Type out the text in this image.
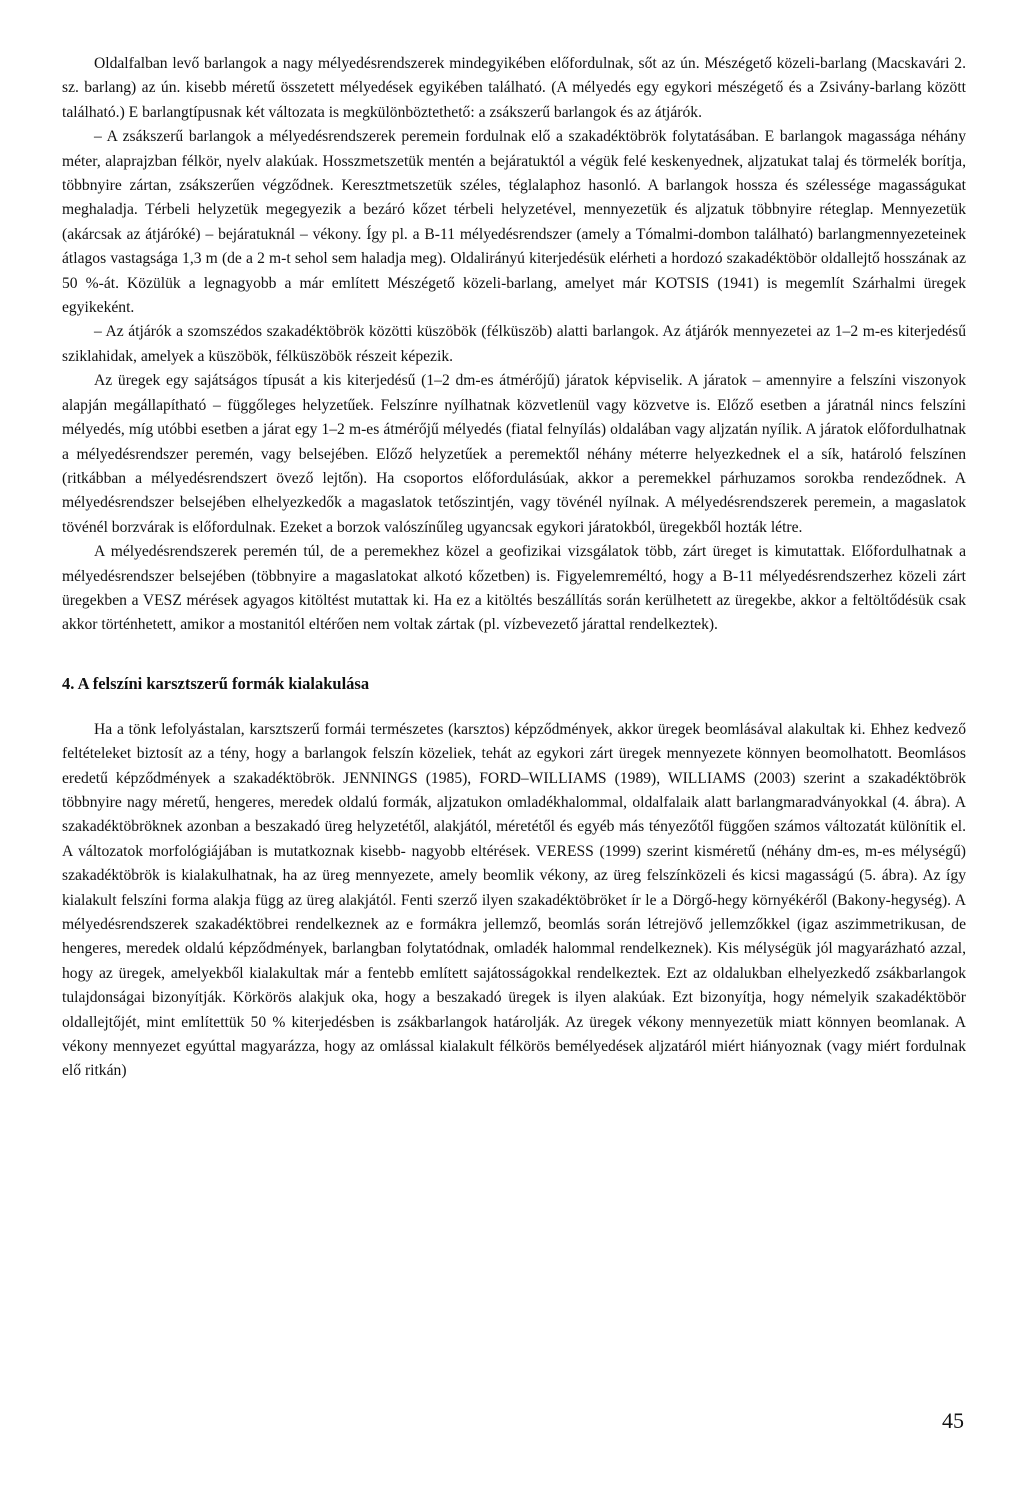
Oldalfalban levő barlangok a nagy mélyedésrendszerek mindegyikében előfordulnak, sőt az ún. Mészégető közeli-barlang (Macskavári 2. sz. barlang) az ún. kisebb méretű összetett mélyedések egyikében található. (A mélyedés egy egykori mészégető és a Zsivány-barlang között található.) E barlangtípusnak két változata is megkülönböztethető: a zsákszerű barlangok és az átjárók.

– A zsákszerű barlangok a mélyedésrendszerek peremein fordulnak elő a szakadéktöbrök folytatásában. E barlangok magassága néhány méter, alaprajzban félkör, nyelv alakúak. Hosszmetszetük mentén a bejáratuktól a végük felé keskenyednek, aljzatukat talaj és törmelék borítja, többnyire zártan, zsákszerűen végződnek. Keresztmetszetük széles, téglalaphoz hasonló. A barlangok hossza és szélessége magasságukat meghaladja. Térbeli helyzetük megegyezik a bezáró kőzet térbeli helyzetével, mennyezetük és aljzatuk többnyire réteglap. Mennyezetük (akárcsak az átjáróké) – bejáratuknál – vékony. Így pl. a B-11 mélyedésrendszer (amely a Tómalmi-dombon található) barlangmennyezeteinek átlagos vastagsága 1,3 m (de a 2 m-t sehol sem haladja meg). Oldalirányú kiterjedésük elérheti a hordozó szakadéktöbör oldallejtő hosszának az 50 %-át. Közülük a legnagyobb a már említett Mészégető közeli-barlang, amelyet már KOTSIS (1941) is megemlít Szárhalmi üregek egyikeként.

– Az átjárók a szomszédos szakadéktöbrök közötti küszöbök (félküszöb) alatti barlangok. Az átjárók mennyezetei az 1–2 m-es kiterjedésű sziklahidak, amelyek a küszöbök, félküszöbök részeit képezik.

Az üregek egy sajátságos típusát a kis kiterjedésű (1–2 dm-es átmérőjű) járatok képviselik. A járatok – amennyire a felszíni viszonyok alapján megállapítható – függőleges helyzetűek. Felszínre nyílhatnak közvetlenül vagy közvetve is. Előző esetben a járatnál nincs felszíni mélyedés, míg utóbbi esetben a járat egy 1–2 m-es átmérőjű mélyedés (fiatal felnyílás) oldalában vagy aljzatán nyílik. A járatok előfordulhatnak a mélyedésrendszer peremén, vagy belsejében. Előző helyzetűek a peremektől néhány méterre helyezkednek el a sík, határoló felszínen (ritkábban a mélyedésrendszert övező lejtőn). Ha csoportos előfordulásúak, akkor a peremekkel párhuzamos sorokba rendeződnek. A mélyedésrendszer belsejében elhelyezkedők a magaslatok tetőszintjén, vagy tövénél nyílnak. A mélyedésrendszerek peremein, a magaslatok tövénél borzvárak is előfordulnak. Ezeket a borzok valószínűleg ugyancsak egykori járatokból, üregekből hozták létre.

A mélyedésrendszerek peremén túl, de a peremekhez közel a geofizikai vizsgálatok több, zárt üreget is kimutattak. Előfordulhatnak a mélyedésrendszer belsejében (többnyire a magaslatokat alkotó kőzetben) is. Figyelemreméltó, hogy a B-11 mélyedésrendszerhez közeli zárt üregekben a VESZ mérések agyagos kitöltést mutattak ki. Ha ez a kitöltés beszállítás során kerülhetett az üregekbe, akkor a feltöltődésük csak akkor történhetett, amikor a mostanitól eltérően nem voltak zártak (pl. vízbevezető járattal rendelkeztek).

4. A felszíni karsztszerű formák kialakulása

Ha a tönk lefolyástalan, karsztszerű formái természetes (karsztos) képződmények, akkor üregek beomlásával alakultak ki. Ehhez kedvező feltételeket biztosít az a tény, hogy a barlangok felszín közeliek, tehát az egykori zárt üregek mennyezete könnyen beomolhatott. Beomlásos eredetű képződmények a szakadéktöbrök. JENNINGS (1985), FORD–WILLIAMS (1989), WILLIAMS (2003) szerint a szakadéktöbrök többnyire nagy méretű, hengeres, meredek oldalú formák, aljzatukon omladékhalommal, oldalfalaik alatt barlangmaradványokkal (4. ábra). A szakadéktöbröknek azonban a beszakadó üreg helyzetétől, alakjától, méretétől és egyéb más tényezőtől függően számos változatát különítik el. A változatok morfológiájában is mutatkoznak kisebb- nagyobb eltérések. VERESS (1999) szerint kisméretű (néhány dm-es, m-es mélységű) szakadéktöbrök is kialakulhatnak, ha az üreg mennyezete, amely beomlik vékony, az üreg felszínközeli és kicsi magasságú (5. ábra). Az így kialakult felszíni forma alakja függ az üreg alakjától. Fenti szerző ilyen szakadéktöbröket ír le a Dörgő-hegy környékéről (Bakony-hegység). A mélyedésrendszerek szakadéktöbrei rendelkeznek az e formákra jellemző, beomlás során létrejövő jellemzőkkel (igaz aszimmetrikusan, de hengeres, meredek oldalú képződmények, barlangban folytatódnak, omladék halommal rendelkeznek). Kis mélységük jól magyarázható azzal, hogy az üregek, amelyekből kialakultak már a fentebb említett sajátosságokkal rendelkeztek. Ezt az oldalukban elhelyezkedő zsákbarlangok tulajdonságai bizonyítják. Körkörös alakjuk oka, hogy a beszakadó üregek is ilyen alakúak. Ezt bizonyítja, hogy némelyik szakadéktöbör oldallejtőjét, mint említettük 50 % kiterjedésben is zsákbarlangok határolják. Az üregek vékony mennyezetük miatt könnyen beomlanak. A vékony mennyezet egyúttal magyarázza, hogy az omlással kialakult félkörös bemélyedések aljzatáról miért hiányoznak (vagy miért fordulnak elő ritkán)

45
